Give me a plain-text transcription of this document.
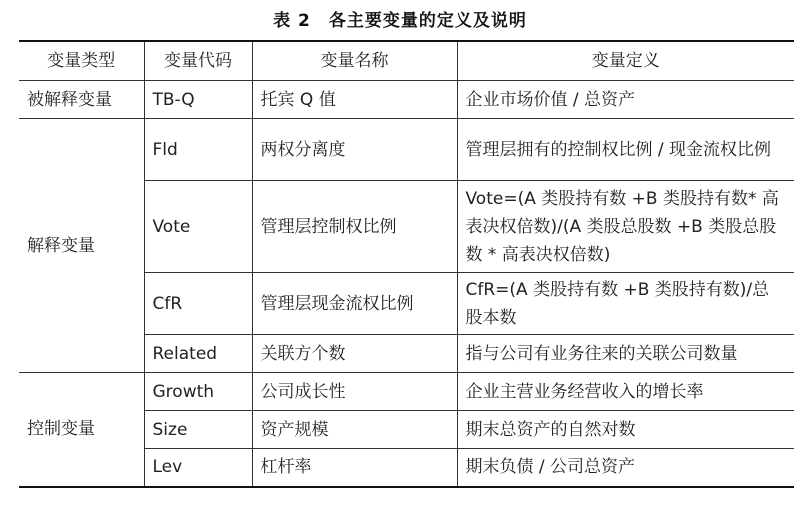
表 2　各主要变量的定义及说明
变量类型	变量代码	变量名称	变量定义
被解释变量	TB-Q	托宾 Q 值	企业市场价值 / 总资产
解释变量	Fld	两权分离度	管理层拥有的控制权比例 / 现金流权比例
	Vote	管理层控制权比例	Vote=(A 类股持有数 +B 类股持有数* 高表决权倍数)/(A 类股总股数 +B 类股总股数 * 高表决权倍数)
	CfR	管理层现金流权比例	CfR=(A 类股持有数 +B 类股持有数)/总股本数
	Related	关联方个数	指与公司有业务往来的关联公司数量
控制变量	Growth	公司成长性	企业主营业务经营收入的增长率
	Size	资产规模	期末总资产的自然对数
	Lev	杠杆率	期末负债 / 公司总资产
